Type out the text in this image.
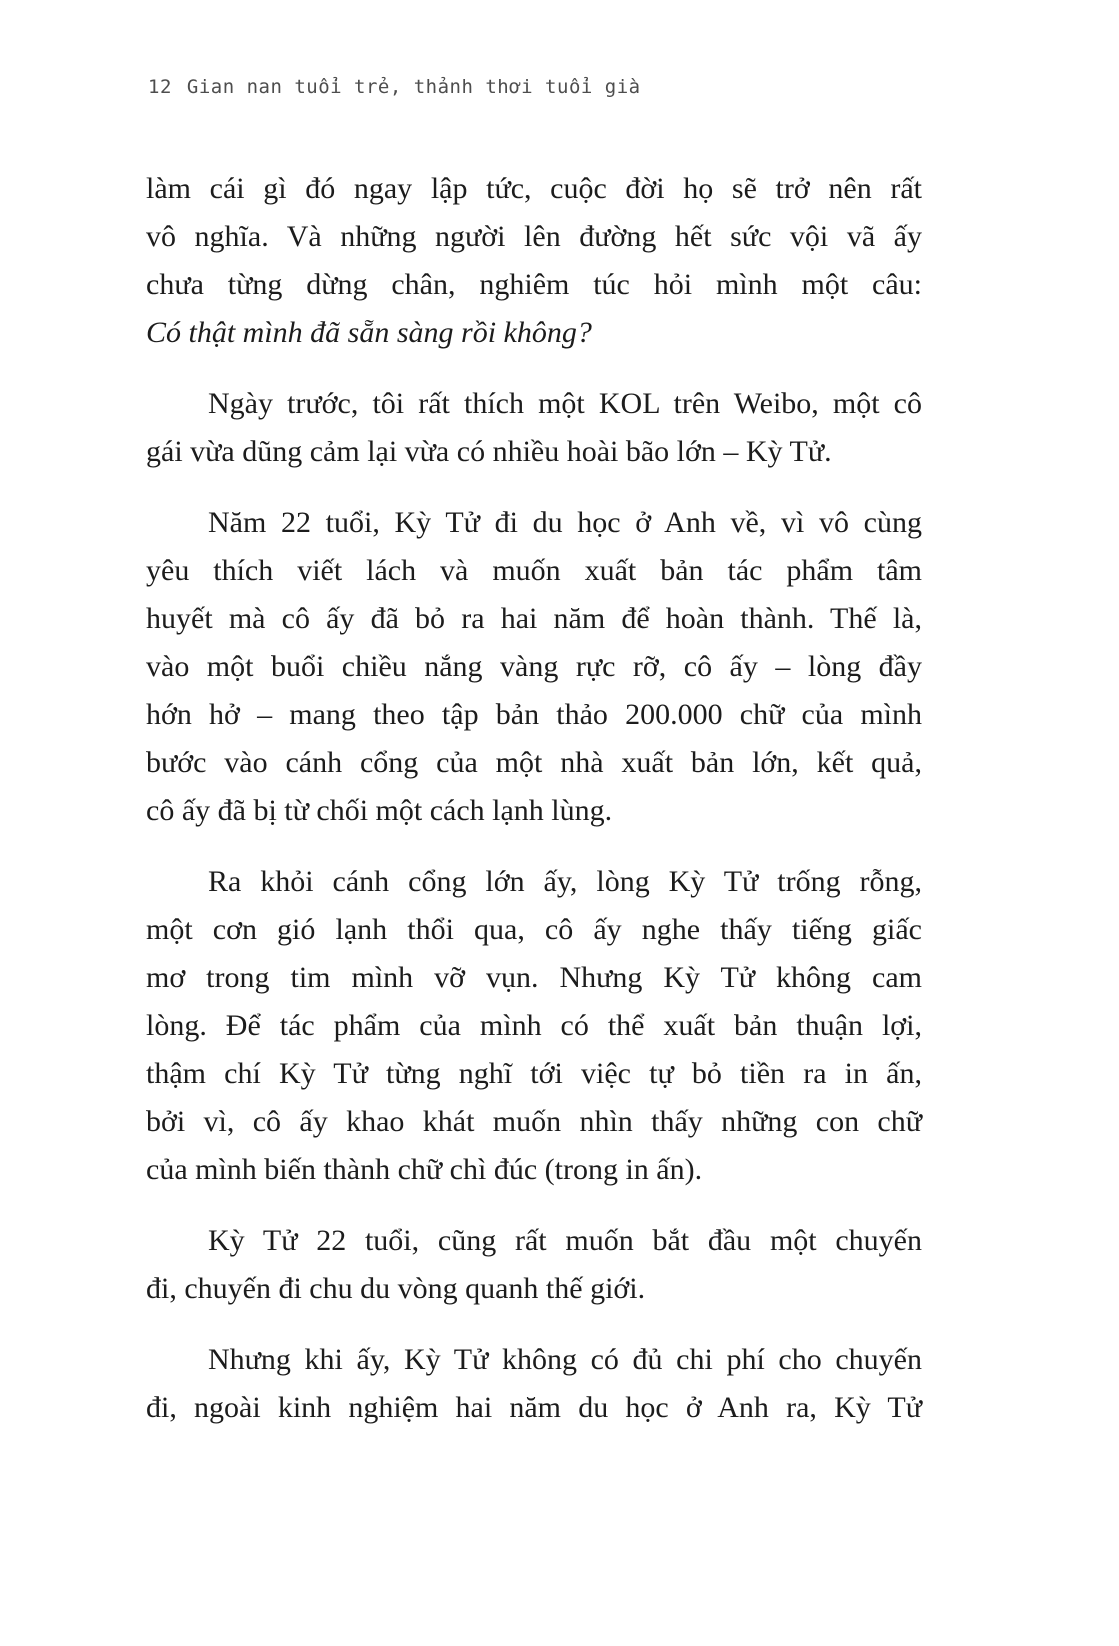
12 Gian nan tuổi trẻ, thảnh thơi tuổi già
làm cái gì đó ngay lập tức, cuộc đời họ sẽ trở nên rất
vô nghĩa. Và những người lên đường hết sức vội vã ấy
chưa từng dừng chân, nghiêm túc hỏi mình một câu:
Có thật mình đã sẵn sàng rồi không?
Ngày trước, tôi rất thích một KOL trên Weibo, một cô
gái vừa dũng cảm lại vừa có nhiều hoài bão lớn – Kỳ Tử.
Năm 22 tuổi, Kỳ Tử đi du học ở Anh về, vì vô cùng
yêu thích viết lách và muốn xuất bản tác phẩm tâm
huyết mà cô ấy đã bỏ ra hai năm để hoàn thành. Thế là,
vào một buổi chiều nắng vàng rực rỡ, cô ấy – lòng đầy
hớn hở – mang theo tập bản thảo 200.000 chữ của mình
bước vào cánh cổng của một nhà xuất bản lớn, kết quả,
cô ấy đã bị từ chối một cách lạnh lùng.
Ra khỏi cánh cổng lớn ấy, lòng Kỳ Tử trống rỗng,
một cơn gió lạnh thổi qua, cô ấy nghe thấy tiếng giấc
mơ trong tim mình vỡ vụn. Nhưng Kỳ Tử không cam
lòng. Để tác phẩm của mình có thể xuất bản thuận lợi,
thậm chí Kỳ Tử từng nghĩ tới việc tự bỏ tiền ra in ấn,
bởi vì, cô ấy khao khát muốn nhìn thấy những con chữ
của mình biến thành chữ chì đúc (trong in ấn).
Kỳ Tử 22 tuổi, cũng rất muốn bắt đầu một chuyến
đi, chuyến đi chu du vòng quanh thế giới.
Nhưng khi ấy, Kỳ Tử không có đủ chi phí cho chuyến
đi, ngoài kinh nghiệm hai năm du học ở Anh ra, Kỳ Tử
